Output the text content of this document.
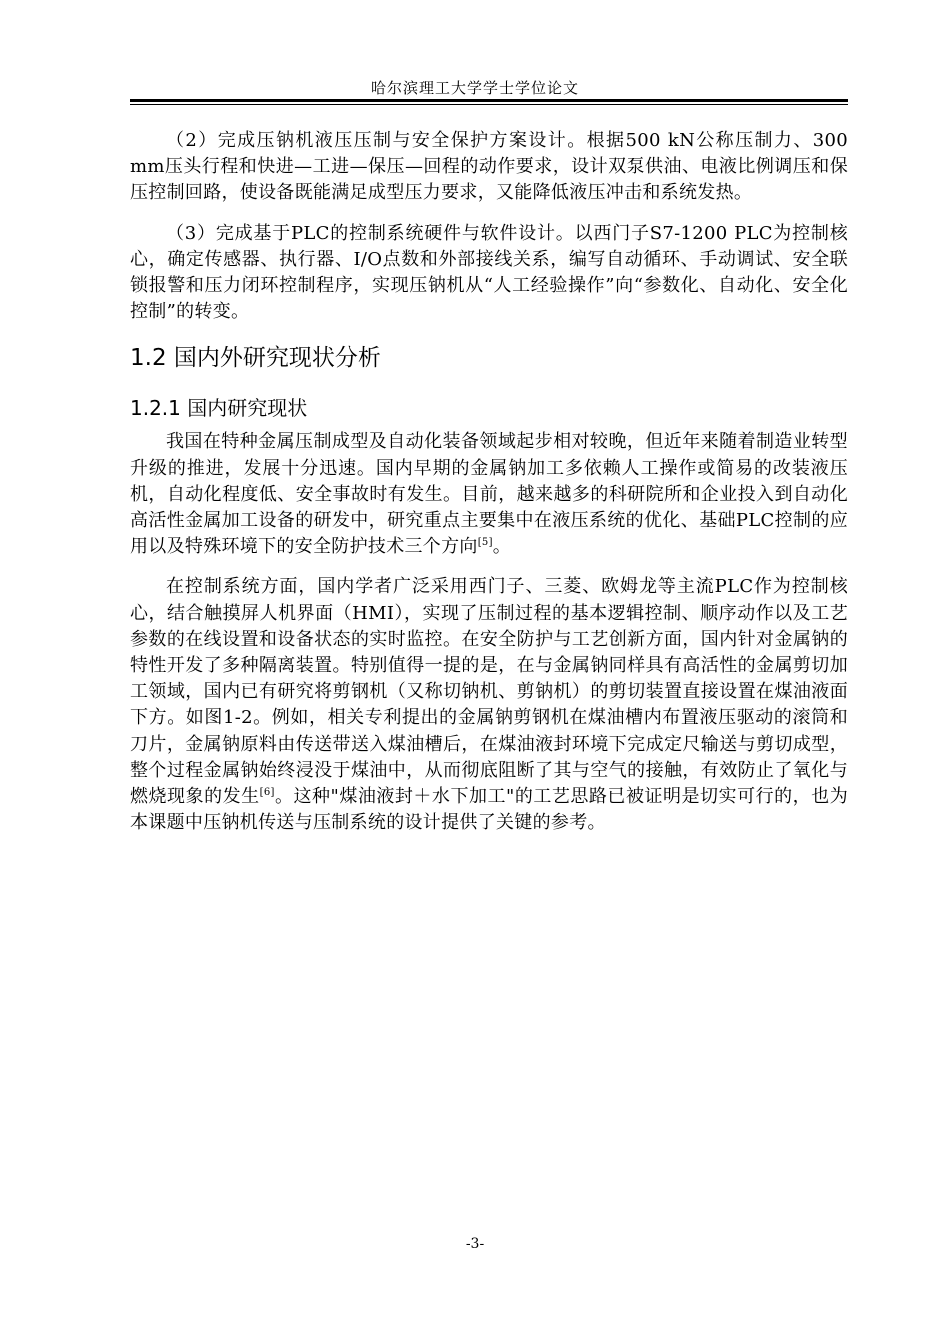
哈尔滨理工大学学士学位论文

（2）完成压钠机液压压制与安全保护方案设计。根据500 kN公称压制力、300 mm压头行程和快进—工进—保压—回程的动作要求，设计双泵供油、电液比例调压和保压控制回路，使设备既能满足成型压力要求，又能降低液压冲击和系统发热。

（3）完成基于PLC的控制系统硬件与软件设计。以西门子S7-1200 PLC为控制核心，确定传感器、执行器、I/O点数和外部接线关系，编写自动循环、手动调试、安全联锁报警和压力闭环控制程序，实现压钠机从“人工经验操作”向“参数化、自动化、安全化控制”的转变。

1.2 国内外研究现状分析
1.2.1 国内研究现状

我国在特种金属压制成型及自动化装备领域起步相对较晚，但近年来随着制造业转型升级的推进，发展十分迅速。国内早期的金属钠加工多依赖人工操作或简易的改装液压机，自动化程度低、安全事故时有发生。目前，越来越多的科研院所和企业投入到自动化高活性金属加工设备的研发中，研究重点主要集中在液压系统的优化、基础PLC控制的应用以及特殊环境下的安全防护技术三个方向[5]。

在控制系统方面，国内学者广泛采用西门子、三菱、欧姆龙等主流PLC作为控制核心，结合触摸屏人机界面（HMI），实现了压制过程的基本逻辑控制、顺序动作以及工艺参数的在线设置和设备状态的实时监控。在安全防护与工艺创新方面，国内针对金属钠的特性开发了多种隔离装置。特别值得一提的是，在与金属钠同样具有高活性的金属剪切加工领域，国内已有研究将剪钢机（又称切钠机、剪钠机）的剪切装置直接设置在煤油液面下方。如图1-2。例如，相关专利提出的金属钠剪钢机在煤油槽内布置液压驱动的滚筒和刀片，金属钠原料由传送带送入煤油槽后，在煤油液封环境下完成定尺输送与剪切成型，整个过程金属钠始终浸没于煤油中，从而彻底阻断了其与空气的接触，有效防止了氧化与燃烧现象的发生[6]。这种"煤油液封＋水下加工"的工艺思路已被证明是切实可行的，也为本课题中压钠机传送与压制系统的设计提供了关键的参考。

-3-
